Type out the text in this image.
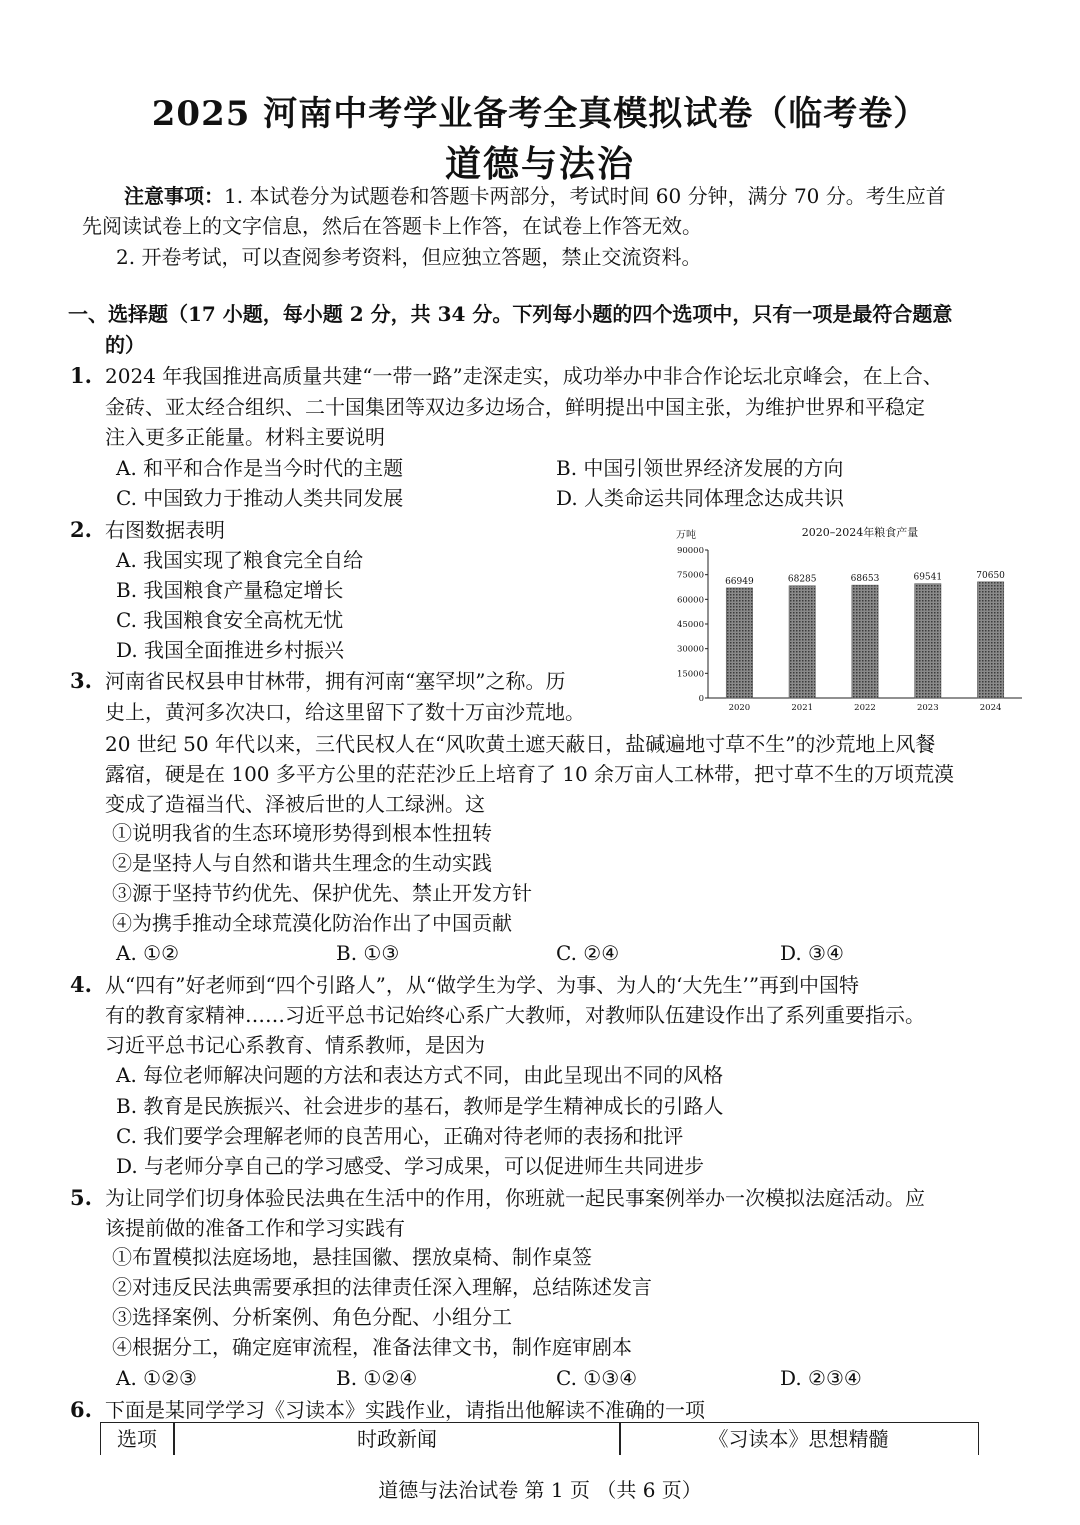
2025 河南中考学业备考全真模拟试卷（临考卷）
道德与法治
注意事项：1. 本试卷分为试题卷和答题卡两部分，考试时间 60 分钟，满分 70 分。考生应首
先阅读试卷上的文字信息，然后在答题卡上作答，在试卷上作答无效。
2. 开卷考试，可以查阅参考资料，但应独立答题，禁止交流资料。
一、选择题（17 小题，每小题 2 分，共 34 分。下列每小题的四个选项中，只有一项是最符合题意
的）
1. 2024 年我国推进高质量共建“一带一路”走深走实，成功举办中非合作论坛北京峰会，在上合、
金砖、亚太经合组织、二十国集团等双边多边场合，鲜明提出中国主张，为维护世界和平稳定
注入更多正能量。材料主要说明
A. 和平和合作是当今时代的主题	B. 中国引领世界经济发展的方向
C. 中国致力于推动人类共同发展	D. 人类命运共同体理念达成共识
2. 右图数据表明
A. 我国实现了粮食完全自给
B. 我国粮食产量稳定增长
C. 我国粮食安全高枕无忧
D. 我国全面推进乡村振兴
2020–2024年粮食产量
万吨
66949
2020
68285
2021
68653
2022
69541
2023
70650
2024
0
15000
30000
45000
60000
75000
90000
3. 河南省民权县申甘林带，拥有河南“塞罕坝”之称。历
史上，黄河多次决口，给这里留下了数十万亩沙荒地。
20 世纪 50 年代以来，三代民权人在“风吹黄土遮天蔽日，盐碱遍地寸草不生”的沙荒地上风餐
露宿，硬是在 100 多平方公里的茫茫沙丘上培育了 10 余万亩人工林带，把寸草不生的万顷荒漠
变成了造福当代、泽被后世的人工绿洲。这
①说明我省的生态环境形势得到根本性扭转
②是坚持人与自然和谐共生理念的生动实践
③源于坚持节约优先、保护优先、禁止开发方针
④为携手推动全球荒漠化防治作出了中国贡献
A. ①②	B. ①③	C. ②④	D. ③④
4. 从“四有”好老师到“四个引路人”，从“做学生为学、为事、为人的‘大先生’”再到中国特
有的教育家精神……习近平总书记始终心系广大教师，对教师队伍建设作出了系列重要指示。
习近平总书记心系教育、情系教师，是因为
A. 每位老师解决问题的方法和表达方式不同，由此呈现出不同的风格
B. 教育是民族振兴、社会进步的基石，教师是学生精神成长的引路人
C. 我们要学会理解老师的良苦用心，正确对待老师的表扬和批评
D. 与老师分享自己的学习感受、学习成果，可以促进师生共同进步
5. 为让同学们切身体验民法典在生活中的作用，你班就一起民事案例举办一次模拟法庭活动。应
该提前做的准备工作和学习实践有
①布置模拟法庭场地，悬挂国徽、摆放桌椅、制作桌签
②对违反民法典需要承担的法律责任深入理解，总结陈述发言
③选择案例、分析案例、角色分配、小组分工
④根据分工，确定庭审流程，准备法律文书，制作庭审剧本
A. ①②③	B. ①②④	C. ①③④	D. ②③④
6. 下面是某同学学习《习读本》实践作业，请指出他解读不准确的一项
选项	时政新闻	《习读本》思想精髓
道德与法治试卷 第 1 页 （共 6 页）
